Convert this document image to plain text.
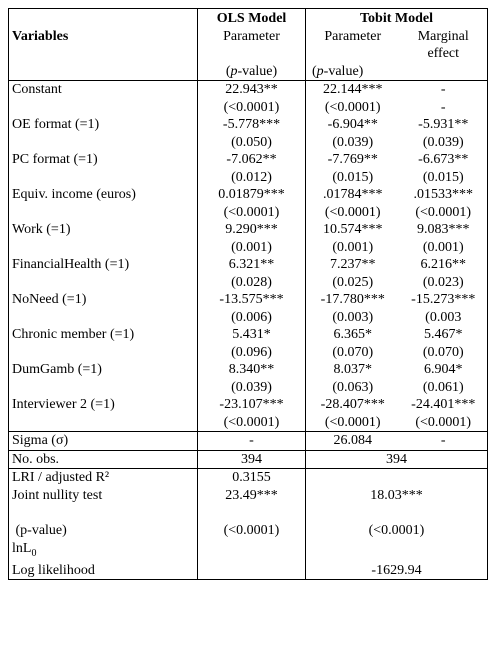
	OLS Model	Tobit Model	
Variables	Parameter	Parameter	Marginal
			effect
	(p-value)	(p-value)	
Constant	22.943**	22.144***	-
	(<0.0001)	(<0.0001)	-
OE format (=1)	-5.778***	-6.904**	-5.931**
	(0.050)	(0.039)	(0.039)
PC format (=1)	-7.062**	-7.769**	-6.673**
	(0.012)	(0.015)	(0.015)
Equiv. income (euros)	0.01879***	.01784***	.01533***
	(<0.0001)	(<0.0001)	(<0.0001)
Work (=1)	9.290***	10.574***	9.083***
	(0.001)	(0.001)	(0.001)
FinancialHealth (=1)	6.321**	7.237**	6.216**
	(0.028)	(0.025)	(0.023)
NoNeed (=1)	-13.575***	-17.780***	-15.273***
	(0.006)	(0.003)	(0.003
Chronic member (=1)	5.431*	6.365*	5.467*
	(0.096)	(0.070)	(0.070)
DumGamb (=1)	8.340**	8.037*	6.904*
	(0.039)	(0.063)	(0.061)
Interviewer 2 (=1)	-23.107***	-28.407***	-24.401***
	(<0.0001)	(<0.0001)	(<0.0001)
Sigma (σ)	-	26.084	-
No. obs.	394	394	
LRI / adjusted R²	0.3155		
Joint nullity test	23.49***	18.03***	

(p-value)	(<0.0001)	(<0.0001)	
lnL$_0$		
Log likelihood		-1629.94	
